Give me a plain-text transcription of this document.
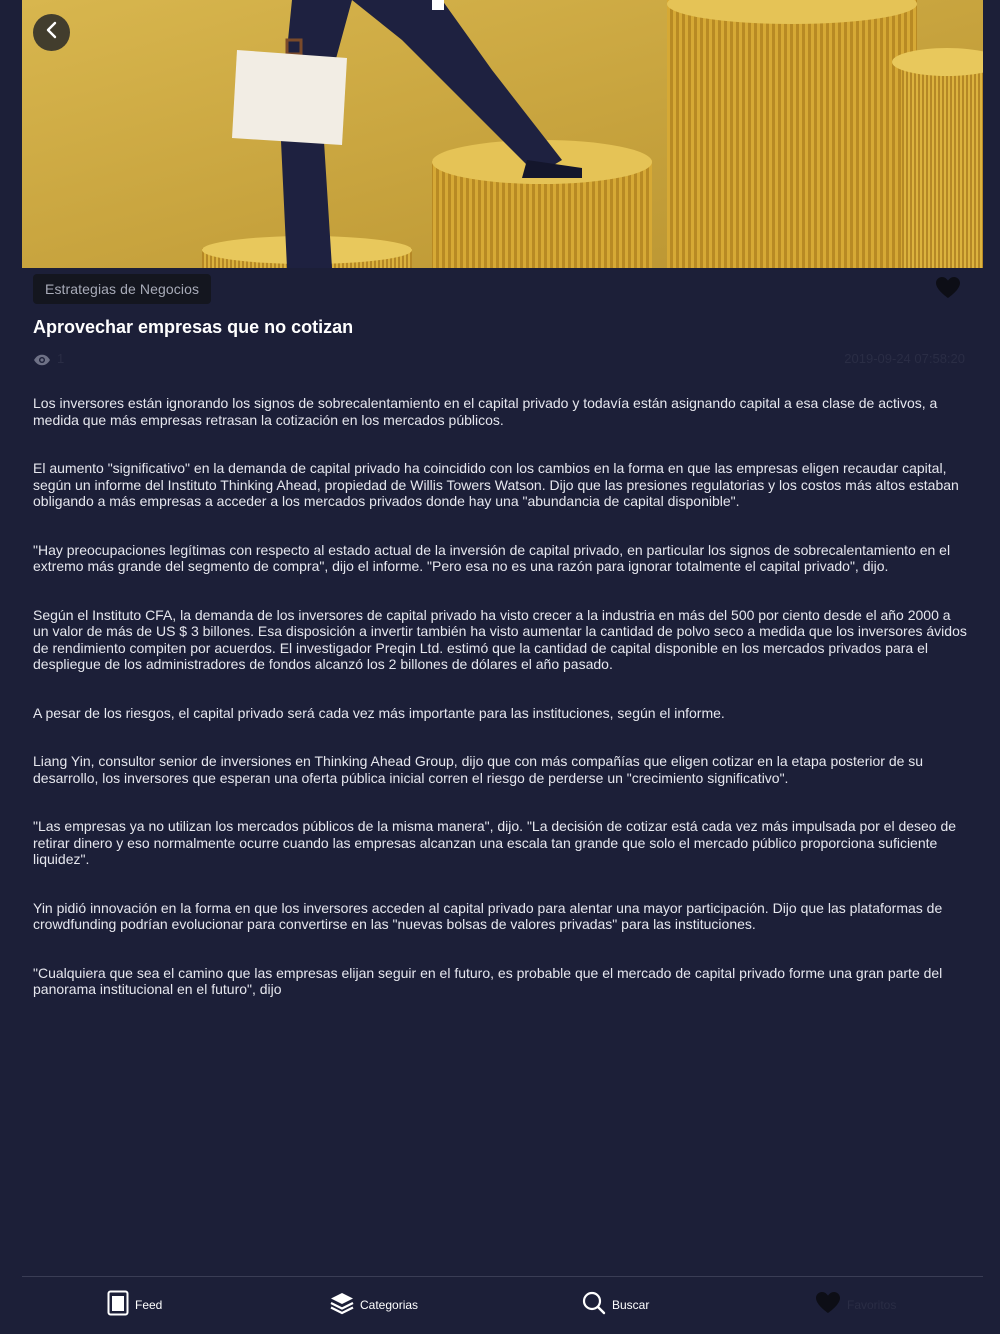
Estrategias de Negocios
Aprovechar empresas que no cotizan
1	2019-09-24 07:58:20

Los inversores están ignorando los signos de sobrecalentamiento en el capital privado y todavía están asignando capital a esa clase de activos, a medida que más empresas retrasan la cotización en los mercados públicos.

El aumento "significativo" en la demanda de capital privado ha coincidido con los cambios en la forma en que las empresas eligen recaudar capital, según un informe del Instituto Thinking Ahead, propiedad de Willis Towers Watson. Dijo que las presiones regulatorias y los costos más altos estaban obligando a más empresas a acceder a los mercados privados donde hay una "abundancia de capital disponible".

"Hay preocupaciones legítimas con respecto al estado actual de la inversión de capital privado, en particular los signos de sobrecalentamiento en el extremo más grande del segmento de compra", dijo el informe. "Pero esa no es una razón para ignorar totalmente el capital privado", dijo.

Según el Instituto CFA, la demanda de los inversores de capital privado ha visto crecer a la industria en más del 500 por ciento desde el año 2000 a un valor de más de US $ 3 billones. Esa disposición a invertir también ha visto aumentar la cantidad de polvo seco a medida que los inversores ávidos de rendimiento compiten por acuerdos. El investigador Preqin Ltd. estimó que la cantidad de capital disponible en los mercados privados para el despliegue de los administradores de fondos alcanzó los 2 billones de dólares el año pasado.

A pesar de los riesgos, el capital privado será cada vez más importante para las instituciones, según el informe.

Liang Yin, consultor senior de inversiones en Thinking Ahead Group, dijo que con más compañías que eligen cotizar en la etapa posterior de su desarrollo, los inversores que esperan una oferta pública inicial corren el riesgo de perderse un "crecimiento significativo".

"Las empresas ya no utilizan los mercados públicos de la misma manera", dijo. "La decisión de cotizar está cada vez más impulsada por el deseo de retirar dinero y eso normalmente ocurre cuando las empresas alcanzan una escala tan grande que solo el mercado público proporciona suficiente liquidez".

Yin pidió innovación en la forma en que los inversores acceden al capital privado para alentar una mayor participación. Dijo que las plataformas de crowdfunding podrían evolucionar para convertirse en las "nuevas bolsas de valores privadas" para las instituciones.

"Cualquiera que sea el camino que las empresas elijan seguir en el futuro, es probable que el mercado de capital privado forme una gran parte del panorama institucional en el futuro", dijo

Feed	Categorias	Buscar	Favoritos
